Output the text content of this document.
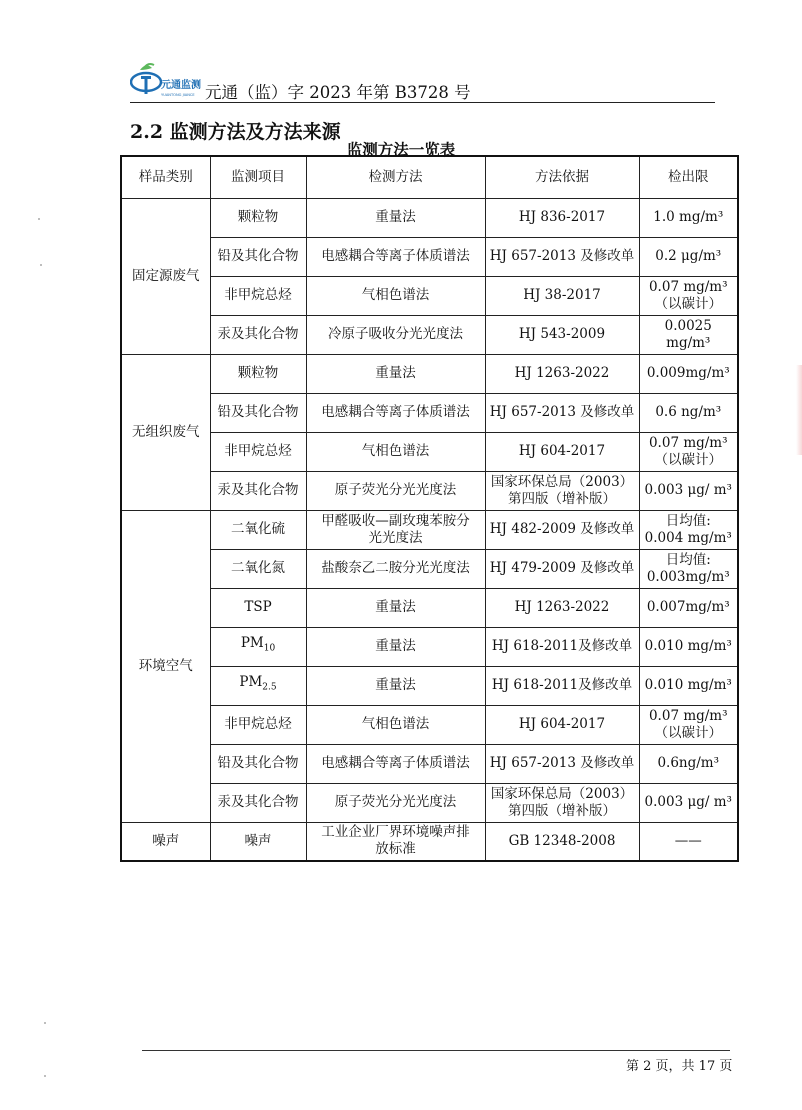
元通监测
YUANTONG JIANCE 元通（监）字 2023 年第 B3728 号
2.2 监测方法及方法来源
监测方法一览表
样品类别	监测项目	检测方法	方法依据	检出限
固定源废气	颗粒物	重量法	HJ 836-2017	1.0 mg/m³
	铅及其化合物	电感耦合等离子体质谱法	HJ 657-2013 及修改单	0.2 μg/m³
	非甲烷总烃	气相色谱法	HJ 38-2017	0.07 mg/m³
（以碳计）
	汞及其化合物	冷原子吸收分光光度法	HJ 543-2009	0.0025 mg/m³
无组织废气	颗粒物	重量法	HJ 1263-2022	0.009mg/m³
	铅及其化合物	电感耦合等离子体质谱法	HJ 657-2013 及修改单	0.6 ng/m³
	非甲烷总烃	气相色谱法	HJ 604-2017	0.07 mg/m³
（以碳计）
	汞及其化合物	原子荧光分光光度法	国家环保总局（2003）
第四版（增补版）	0.003 μg/ m³
环境空气	二氧化硫	甲醛吸收—副玫瑰苯胺分
光光度法	HJ 482-2009 及修改单	日均值:
0.004 mg/m³
	二氧化氮	盐酸奈乙二胺分光光度法	HJ 479-2009 及修改单	日均值:
0.003mg/m³
	TSP	重量法	HJ 1263-2022	0.007mg/m³
	$PM_{10}$	重量法	HJ 618-2011及修改单	0.010 mg/m³
	$PM_{2.5}$	重量法	HJ 618-2011及修改单	0.010 mg/m³
	非甲烷总烃	气相色谱法	HJ 604-2017	0.07 mg/m³
（以碳计）
	铅及其化合物	电感耦合等离子体质谱法	HJ 657-2013 及修改单	0.6ng/m³
	汞及其化合物	原子荧光分光光度法	国家环保总局（2003）
第四版（增补版）	0.003 μg/ m³
噪声	噪声	工业企业厂界环境噪声排
放标准	GB 12348-2008	——
第 2 页，共 17 页
